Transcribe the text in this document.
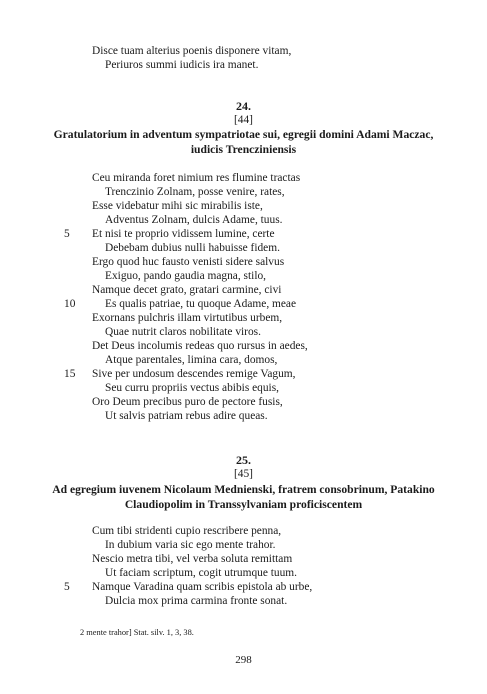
Disce tuam alterius poenis disponere vitam,
Periuros summi iudicis ira manet.
24.
[44]
Gratulatorium in adventum sympatriotae sui, egregii domini Adami Maczac,
iudicis Trencziniensis
Ceu miranda foret nimium res flumine tractas
Trenczinio Zolnam, posse venire, rates,
Esse videbatur mihi sic mirabilis iste,
Adventus Zolnam, dulcis Adame, tuus.
5 Et nisi te proprio vidissem lumine, certe
Debebam dubius nulli habuisse fidem.
Ergo quod huc fausto venisti sidere salvus
Exiguo, pando gaudia magna, stilo,
Namque decet grato, gratari carmine, civi
10	Es qualis patriae, tu quoque Adame, meae
Exornans pulchris illam virtutibus urbem,
Quae nutrit claros nobilitate viros.
Det Deus incolumis redeas quo rursus in aedes,
Atque parentales, limina cara, domos,
15 Sive per undosum descendes remige Vagum,
Seu curru propriis vectus abibis equis,
Oro Deum precibus puro de pectore fusis,
Ut salvis patriam rebus adire queas.
25.
[45]
Ad egregium iuvenem Nicolaum Mednienski, fratrem consobrinum, Patakino
Claudiopolim in Transsylvaniam proficiscentem
Cum tibi stridenti cupio rescribere penna,
In dubium varia sic ego mente trahor.
Nescio metra tibi, vel verba soluta remittam
Ut faciam scriptum, cogit utrumque tuum.
5 Namque Varadina quam scribis epistola ab urbe,
Dulcia mox prima carmina fronte sonat.
2 mente trahor] Stat. silv. 1, 3, 38.
298
